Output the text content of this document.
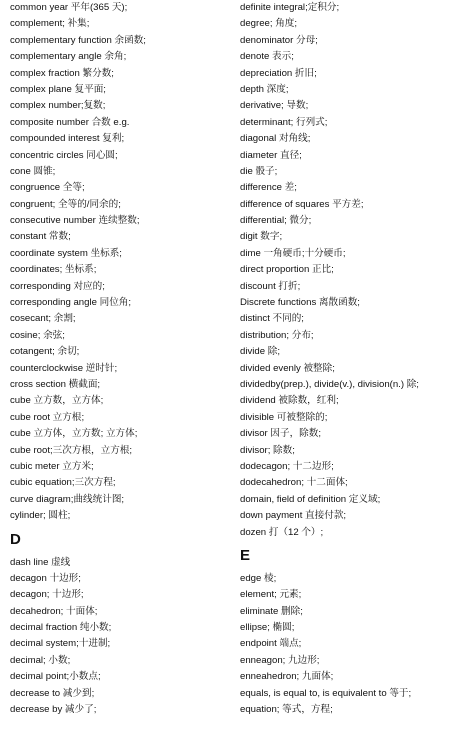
common year 平年(365 天);
complement; 补集;
complementary function 余函数;
complementary angle 余角;
complex fraction 繁分数;
complex plane 复平面;
complex number;复数;
composite number 合数 e.g.
compounded interest 复利;
concentric circles 同心圆;
cone 圆锥;
congruence 全等;
congruent; 全等的/同余的;
consecutive number 连续整数;
constant 常数;
coordinate system 坐标系;
coordinates; 坐标系;
corresponding 对应的;
corresponding angle 同位角;
cosecant; 余割;
cosine; 余弦;
cotangent; 余切;
counterclockwise 逆时针;
cross section 横截面;
cube 立方数，立方体;
cube root 立方根;
cube 立方体，立方数; 立方体;
cube root;三次方根，立方根;
cubic meter 立方米;
cubic equation;三次方程;
curve diagram;曲线统计图;
cylinder; 圆柱;
D
dash line 虚线
decagon 十边形;
decagon; 十边形;
decahedron; 十面体;
decimal fraction 纯小数;
decimal system;十进制;
decimal; 小数;
decimal point;小数点;
decrease to 减少到;
decrease by 减少了;
definite integral;定积分;
degree; 角度;
denominator 分母;
denote 表示;
depreciation 折旧;
depth 深度;
derivative; 导数;
determinant; 行列式;
diagonal 对角线;
diameter 直径;
die 骰子;
difference 差;
difference of squares 平方差;
differential; 微分;
digit 数字;
dime 一角硬币;十分硬币;
direct proportion 正比;
discount 打折;
Discrete functions 离散函数;
distinct 不同的;
distribution; 分布;
divide 除;
divided evenly 被整除;
dividedby(prep.), divide(v.), division(n.) 除;
dividend 被除数，红利;
divisible 可被整除的;
divisor 因子，除数;
divisor; 除数;
dodecagon; 十二边形;
dodecahedron; 十二面体;
domain, field of definition 定义域;
down payment 直接付款;
dozen 打（12 个）;
E
edge 棱;
element; 元素;
eliminate 删除;
ellipse; 椭圆;
endpoint 端点;
enneagon; 九边形;
enneahedron; 九面体;
equals, is equal to, is equivalent to 等于;
equation; 等式，方程;
